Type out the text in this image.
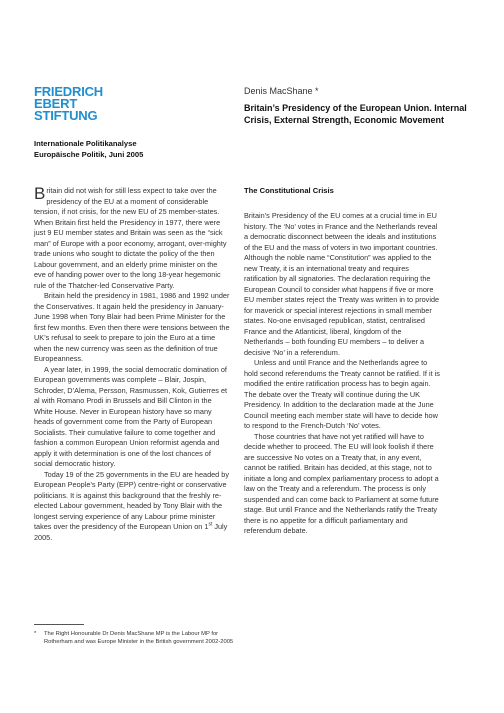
FRIEDRICH
EBERT
STIFTUNG
Internationale Politikanalyse
Europäische Politik, Juni 2005
Denis MacShane *
Britain’s Presidency of the European Union. Internal Crisis, External Strength, Economic Movement

Britain did not wish for still less expect to take over the presidency of the EU at a moment of considerable tension, if not crisis, for the new EU of 25 member-states. When Britain first held the Presidency in 1977, there were just 9 EU member states and Britain was seen as the “sick man” of Europe with a poor economy, arrogant, over-mighty trade unions who sought to dictate the policy of the then Labour government, and an elderly prime minister on the eve of handing power over to the long 18-year hegemonic rule of the Thatcher-led Conservative Party.

Britain held the presidency in 1981, 1986 and 1992 under the Conservatives. It again held the presidency in January-June 1998 when Tony Blair had been Prime Minister for the first few months. Even then there were tensions between the UK’s refusal to seek to prepare to join the Euro at a time when the new currency was seen as the definition of true Europeanness.

A year later, in 1999, the social democratic domination of European governments was complete – Blair, Jospin, Schroder, D’Alema, Persson, Rasmussen, Kok, Gutierres et al with Romano Prodi in Brussels and Bill Clinton in the White House. Never in European history have so many heads of government come from the Party of European Socialists. Their cumulative failure to come together and fashion a common European Union reformist agenda and apply it with determination is one of the lost chances of social democratic history.

Today 19 of the 25 governments in the EU are headed by European People’s Party (EPP) centre-right or conservative politicians. It is against this background that the freshly re-elected Labour government, headed by Tony Blair with the longest serving experience of any Labour prime minister takes over the presidency of the European Union on 1st July 2005.

The Constitutional Crisis

Britain’s Presidency of the EU comes at a crucial time in EU history. The ‘No’ votes in France and the Netherlands reveal a democratic disconnect between the ideals and institutions of the EU and the mass of voters in two important countries. Although the noble name “Constitution” was applied to the new Treaty, it is an international treaty and requires ratification by all signatories. The declaration requiring the European Council to consider what happens if five or more EU member states reject the Treaty was written in to provide for maverick or special interest rejections in small member states. No-one envisaged republican, statist, centralised France and the Atlanticist, liberal, kingdom of the Netherlands – both founding EU members – to deliver a decisive ‘No’ in a referendum.

Unless and until France and the Netherlands agree to hold second referendums the Treaty cannot be ratified. If it is modified the entire ratification process has to begin again. The debate over the Treaty will continue during the UK Presidency. In addition to the declaration made at the June Council meeting each member state will have to decide how to respond to the French-Dutch ‘No’ votes.

Those countries that have not yet ratified will have to decide whether to proceed. The EU will look foolish if there are successive No votes on a Treaty that, in any event, cannot be ratified. Britain has decided, at this stage, not to initiate a long and complex parliamentary process to adopt a law on the Treaty and a referendum. The process is only suspended and can come back to Parliament at some future stage. But until France and the Netherlands ratify the Treaty there is no appetite for a difficult parliamentary and referendum debate.

* The Right Honourable Dr Denis MacShane MP is the Labour MP for Rotherham and was Europe Minister in the British government 2002-2005
